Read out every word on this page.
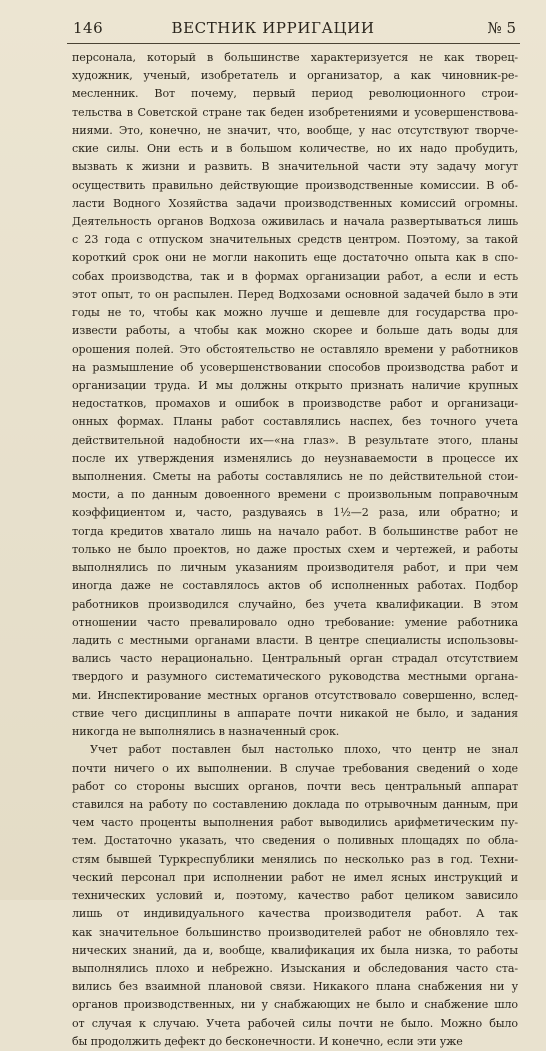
146	ВЕСТНИК ИРРИГАЦИИ	№ 5
персонала, который в большинстве характеризуется не как творец-
художник, ученый, изобретатель и организатор, а как чиновник-ре-
месленник. Вот почему, первый период революционного строи-
тельства в Советской стране так беден изобретениями и усовершенствова-
ниями. Это, конечно, не значит, что, вообще, у нас отсутствуют творче-
ские силы. Они есть и в большом количестве, но их надо пробудить,
вызвать к жизни и развить. В значительной части эту задачу могут
осуществить правильно действующие производственные комиссии. В об-
ласти Водного Хозяйства задачи производственных комиссий огромны.
Деятельность органов Водхоза оживилась и начала развертываться лишь
с 23 года с отпуском значительных средств центром. Поэтому, за такой
короткий срок они не могли накопить еще достаточно опыта как в спо-
собах производства, так и в формах организации работ, а если и есть
этот опыт, то он распылен. Перед Водхозами основной задачей было в эти
годы не то, чтобы как можно лучше и дешевле для государства про-
извести работы, а чтобы как можно скорее и больше дать воды для
орошения полей. Это обстоятельство не оставляло времени у работников
на размышление об усовершенствовании способов производства работ и
организации труда. И мы должны открыто признать наличие крупных
недостатков, промахов и ошибок в производстве работ и организаци-
онных формах. Планы работ составлялись наспех, без точного учета
действительной надобности их—«на глаз». В результате этого, планы
после их утверждения изменялись до неузнаваемости в процессе их
выполнения. Сметы на работы составлялись не по действительной стои-
мости, а по данным довоенного времени с произвольным поправочным
коэффициентом и, часто, раздуваясь в 1½—2 раза, или обратно; и
тогда кредитов хватало лишь на начало работ. В большинстве работ не
только не было проектов, но даже простых схем и чертежей, и работы
выполнялись по личным указаниям производителя работ, и при чем
иногда даже не составлялось актов об исполненных работах. Подбор
работников производился случайно, без учета квалификации. В этом
отношении часто превалировало одно требование: умение работника
ладить с местными органами власти. В центре специалисты использовы-
вались часто нерационально. Центральный орган страдал отсутствием
твердого и разумного систематического руководства местными органа-
ми. Инспектирование местных органов отсутствовало совершенно, вслед-
ствие чего дисциплины в аппарате почти никакой не было, и задания
никогда не выполнялись в назначенный срок.
Учет работ поставлен был настолько плохо, что центр не знал
почти ничего о их выполнении. В случае требования сведений о ходе
работ со стороны высших органов, почти весь центральный аппарат
ставился на работу по составлению доклада по отрывочным данным, при
чем часто проценты выполнения работ выводились арифметическим пу-
тем. Достаточно указать, что сведения о поливных площадях по обла-
стям бывшей Туркреспублики менялись по несколько раз в год. Техни-
ческий персонал при исполнении работ не имел ясных инструкций и
технических условий и, поэтому, качество работ целиком зависило
лишь от индивидуального качества производителя работ. А так
как значительное большинство производителей работ не обновляло тех-
нических знаний, да и, вообще, квалификация их была низка, то работы
выполнялись плохо и небрежно. Изыскания и обследования часто ста-
вились без взаимной плановой связи. Никакого плана снабжения ни у
органов производственных, ни у снабжающих не было и снабжение шло
от случая к случаю. Учета рабочей силы почти не было. Можно было
бы продолжить дефект до бесконечности. И конечно, если эти уже
